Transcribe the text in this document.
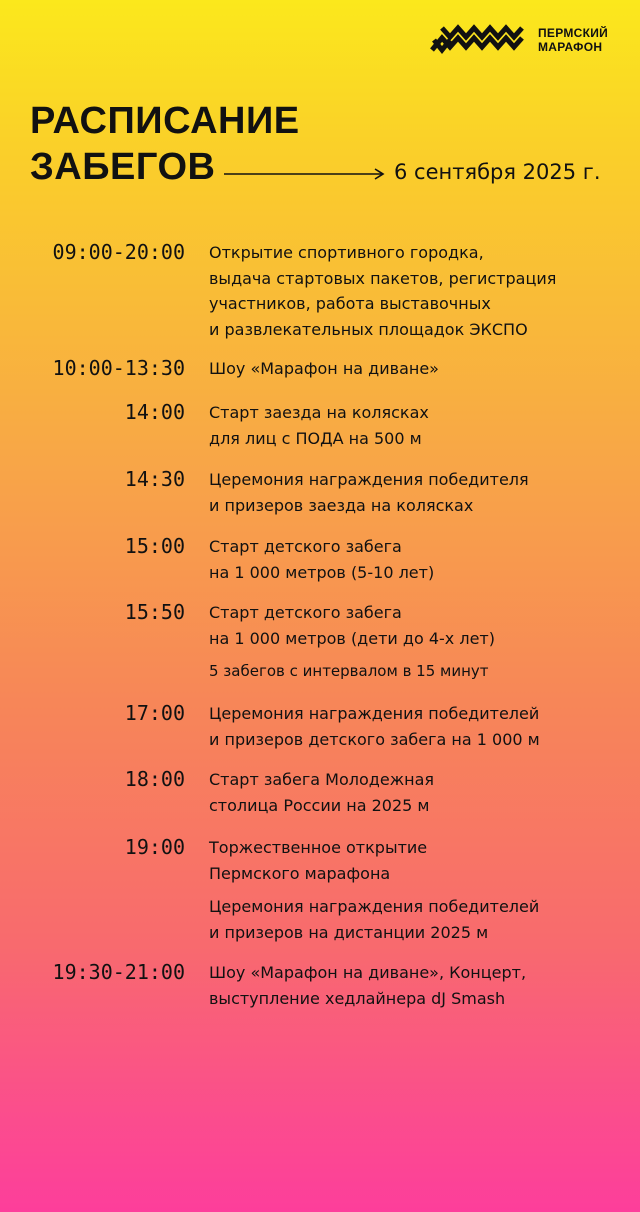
ПЕРМСКИЙ
МАРАФОН
РАСПИСАНИЕ
ЗАБЕГОВ	6 сентября 2025 г.
09:00-20:00 Открытие спортивного городка,
выдача стартовых пакетов, регистрация
участников, работа выставочных
и развлекательных площадок ЭКСПО
10:00-13:30 Шоу «Марафон на диване»
14:00 Старт заезда на колясках
для лиц с ПОДА на 500 м
14:30 Церемония награждения победителя
и призеров заезда на колясках
15:00 Старт детского забега
на 1 000 метров (5-10 лет)
15:50 Старт детского забега
на 1 000 метров (дети до 4-х лет)
5 забегов с интервалом в 15 минут
17:00 Церемония награждения победителей
и призеров детского забега на 1 000 м
18:00 Старт забега Молодежная
столица России на 2025 м
19:00 Торжественное открытие
Пермского марафона
Церемония награждения победителей
и призеров на дистанции 2025 м
19:30-21:00 Шоу «Марафон на диване», Концерт,
выступление хедлайнера dJ Smash
